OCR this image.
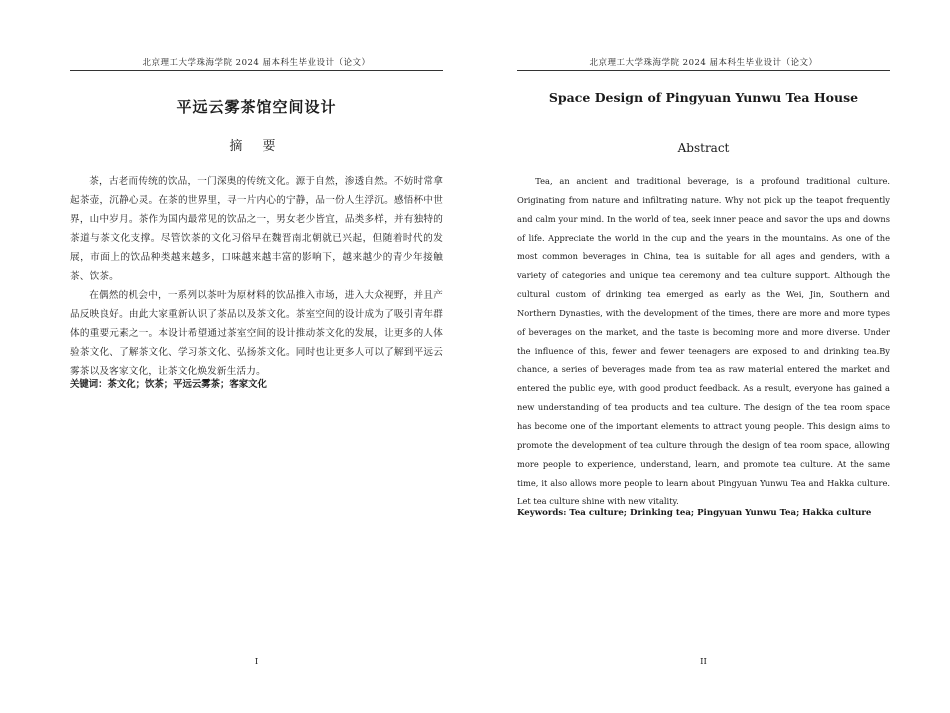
北京理工大学珠海学院 2024 届本科生毕业设计（论文）
平远云雾茶馆空间设计
摘 要

茶，古老而传统的饮品，一门深奥的传统文化。源于自然，渗透自然。不妨时常拿起茶壶，沉静心灵。在茶的世界里，寻一片内心的宁静，品一份人生浮沉。感悟杯中世界，山中岁月。茶作为国内最常见的饮品之一，男女老少皆宜，品类多样，并有独特的茶道与茶文化支撑。尽管饮茶的文化习俗早在魏晋南北朝就已兴起，但随着时代的发展，市面上的饮品种类越来越多，口味越来越丰富的影响下，越来越少的青少年接触茶、饮茶。

在偶然的机会中，一系列以茶叶为原材料的饮品推入市场，进入大众视野，并且产品反映良好。由此大家重新认识了茶品以及茶文化。茶室空间的设计成为了吸引青年群体的重要元素之一。本设计希望通过茶室空间的设计推动茶文化的发展，让更多的人体验茶文化、了解茶文化、学习茶文化、弘扬茶文化。同时也让更多人可以了解到平远云雾茶以及客家文化，让茶文化焕发新生活力。

关键词：茶文化；饮茶；平远云雾茶；客家文化
I
北京理工大学珠海学院 2024 届本科生毕业设计（论文）
Space Design of Pingyuan Yunwu Tea House
Abstract

Tea, an ancient and traditional beverage, is a profound traditional culture. Originating from nature and infiltrating nature. Why not pick up the teapot frequently and calm your mind. In the world of tea, seek inner peace and savor the ups and downs of life. Appreciate the world in the cup and the years in the mountains. As one of the most common beverages in China, tea is suitable for all ages and genders, with a variety of categories and unique tea ceremony and tea culture support. Although the cultural custom of drinking tea emerged as early as the Wei, Jin, Southern and Northern Dynasties, with the development of the times, there are more and more types of beverages on the market, and the taste is becoming more and more diverse. Under the influence of this, fewer and fewer teenagers are exposed to and drinking tea.By chance, a series of beverages made from tea as raw material entered the market and entered the public eye, with good product feedback. As a result, everyone has gained a new understanding of tea products and tea culture. The design of the tea room space has become one of the important elements to attract young people. This design aims to promote the development of tea culture through the design of tea room space, allowing more people to experience, understand, learn, and promote tea culture. At the same time, it also allows more people to learn about Pingyuan Yunwu Tea and Hakka culture. Let tea culture shine with new vitality.

Keywords: Tea culture; Drinking tea; Pingyuan Yunwu Tea; Hakka culture
II
